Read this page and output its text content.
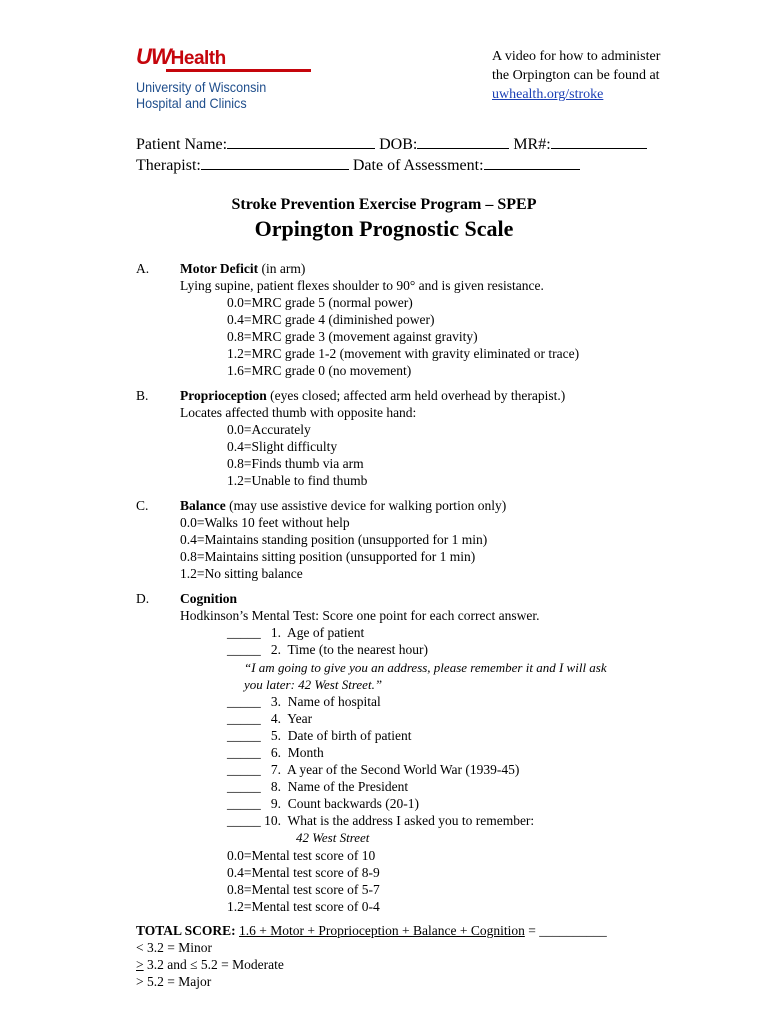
UWHealth
University of Wisconsin
Hospital and Clinics
A video for how to administer
the Orpington can be found at
uwhealth.org/stroke
Patient Name:	DOB:	MR#:
Therapist:	Date of Assessment:
Stroke Prevention Exercise Program – SPEP
Orpington Prognostic Scale
A. Motor Deficit (in arm)
Lying supine, patient flexes shoulder to 90° and is given resistance.
0.0=MRC grade 5 (normal power)
0.4=MRC grade 4 (diminished power)
0.8=MRC grade 3 (movement against gravity)
1.2=MRC grade 1-2 (movement with gravity eliminated or trace)
1.6=MRC grade 0 (no movement)
B. Proprioception (eyes closed; affected arm held overhead by therapist.)
Locates affected thumb with opposite hand:
0.0=Accurately
0.4=Slight difficulty
0.8=Finds thumb via arm
1.2=Unable to find thumb
C. Balance (may use assistive device for walking portion only)
0.0=Walks 10 feet without help
0.4=Maintains standing position (unsupported for 1 min)
0.8=Maintains sitting position (unsupported for 1 min)
1.2=No sitting balance
D. Cognition
Hodkinson’s Mental Test: Score one point for each correct answer.
_____   1.  Age of patient
_____   2.  Time (to the nearest hour)
“I am going to give you an address, please remember it and I will ask
you later: 42 West Street.”
_____   3.  Name of hospital
_____   4.  Year
_____   5.  Date of birth of patient
_____   6.  Month
_____   7.  A year of the Second World War (1939-45)
_____   8.  Name of the President
_____   9.  Count backwards (20-1)
_____ 10.  What is the address I asked you to remember:
42 West Street
0.0=Mental test score of 10
0.4=Mental test score of 8-9
0.8=Mental test score of 5-7
1.2=Mental test score of 0-4
TOTAL SCORE: 1.6 + Motor + Proprioception + Balance + Cognition = __________
< 3.2 = Minor
> 3.2 and ≤ 5.2 = Moderate
> 5.2 = Major
